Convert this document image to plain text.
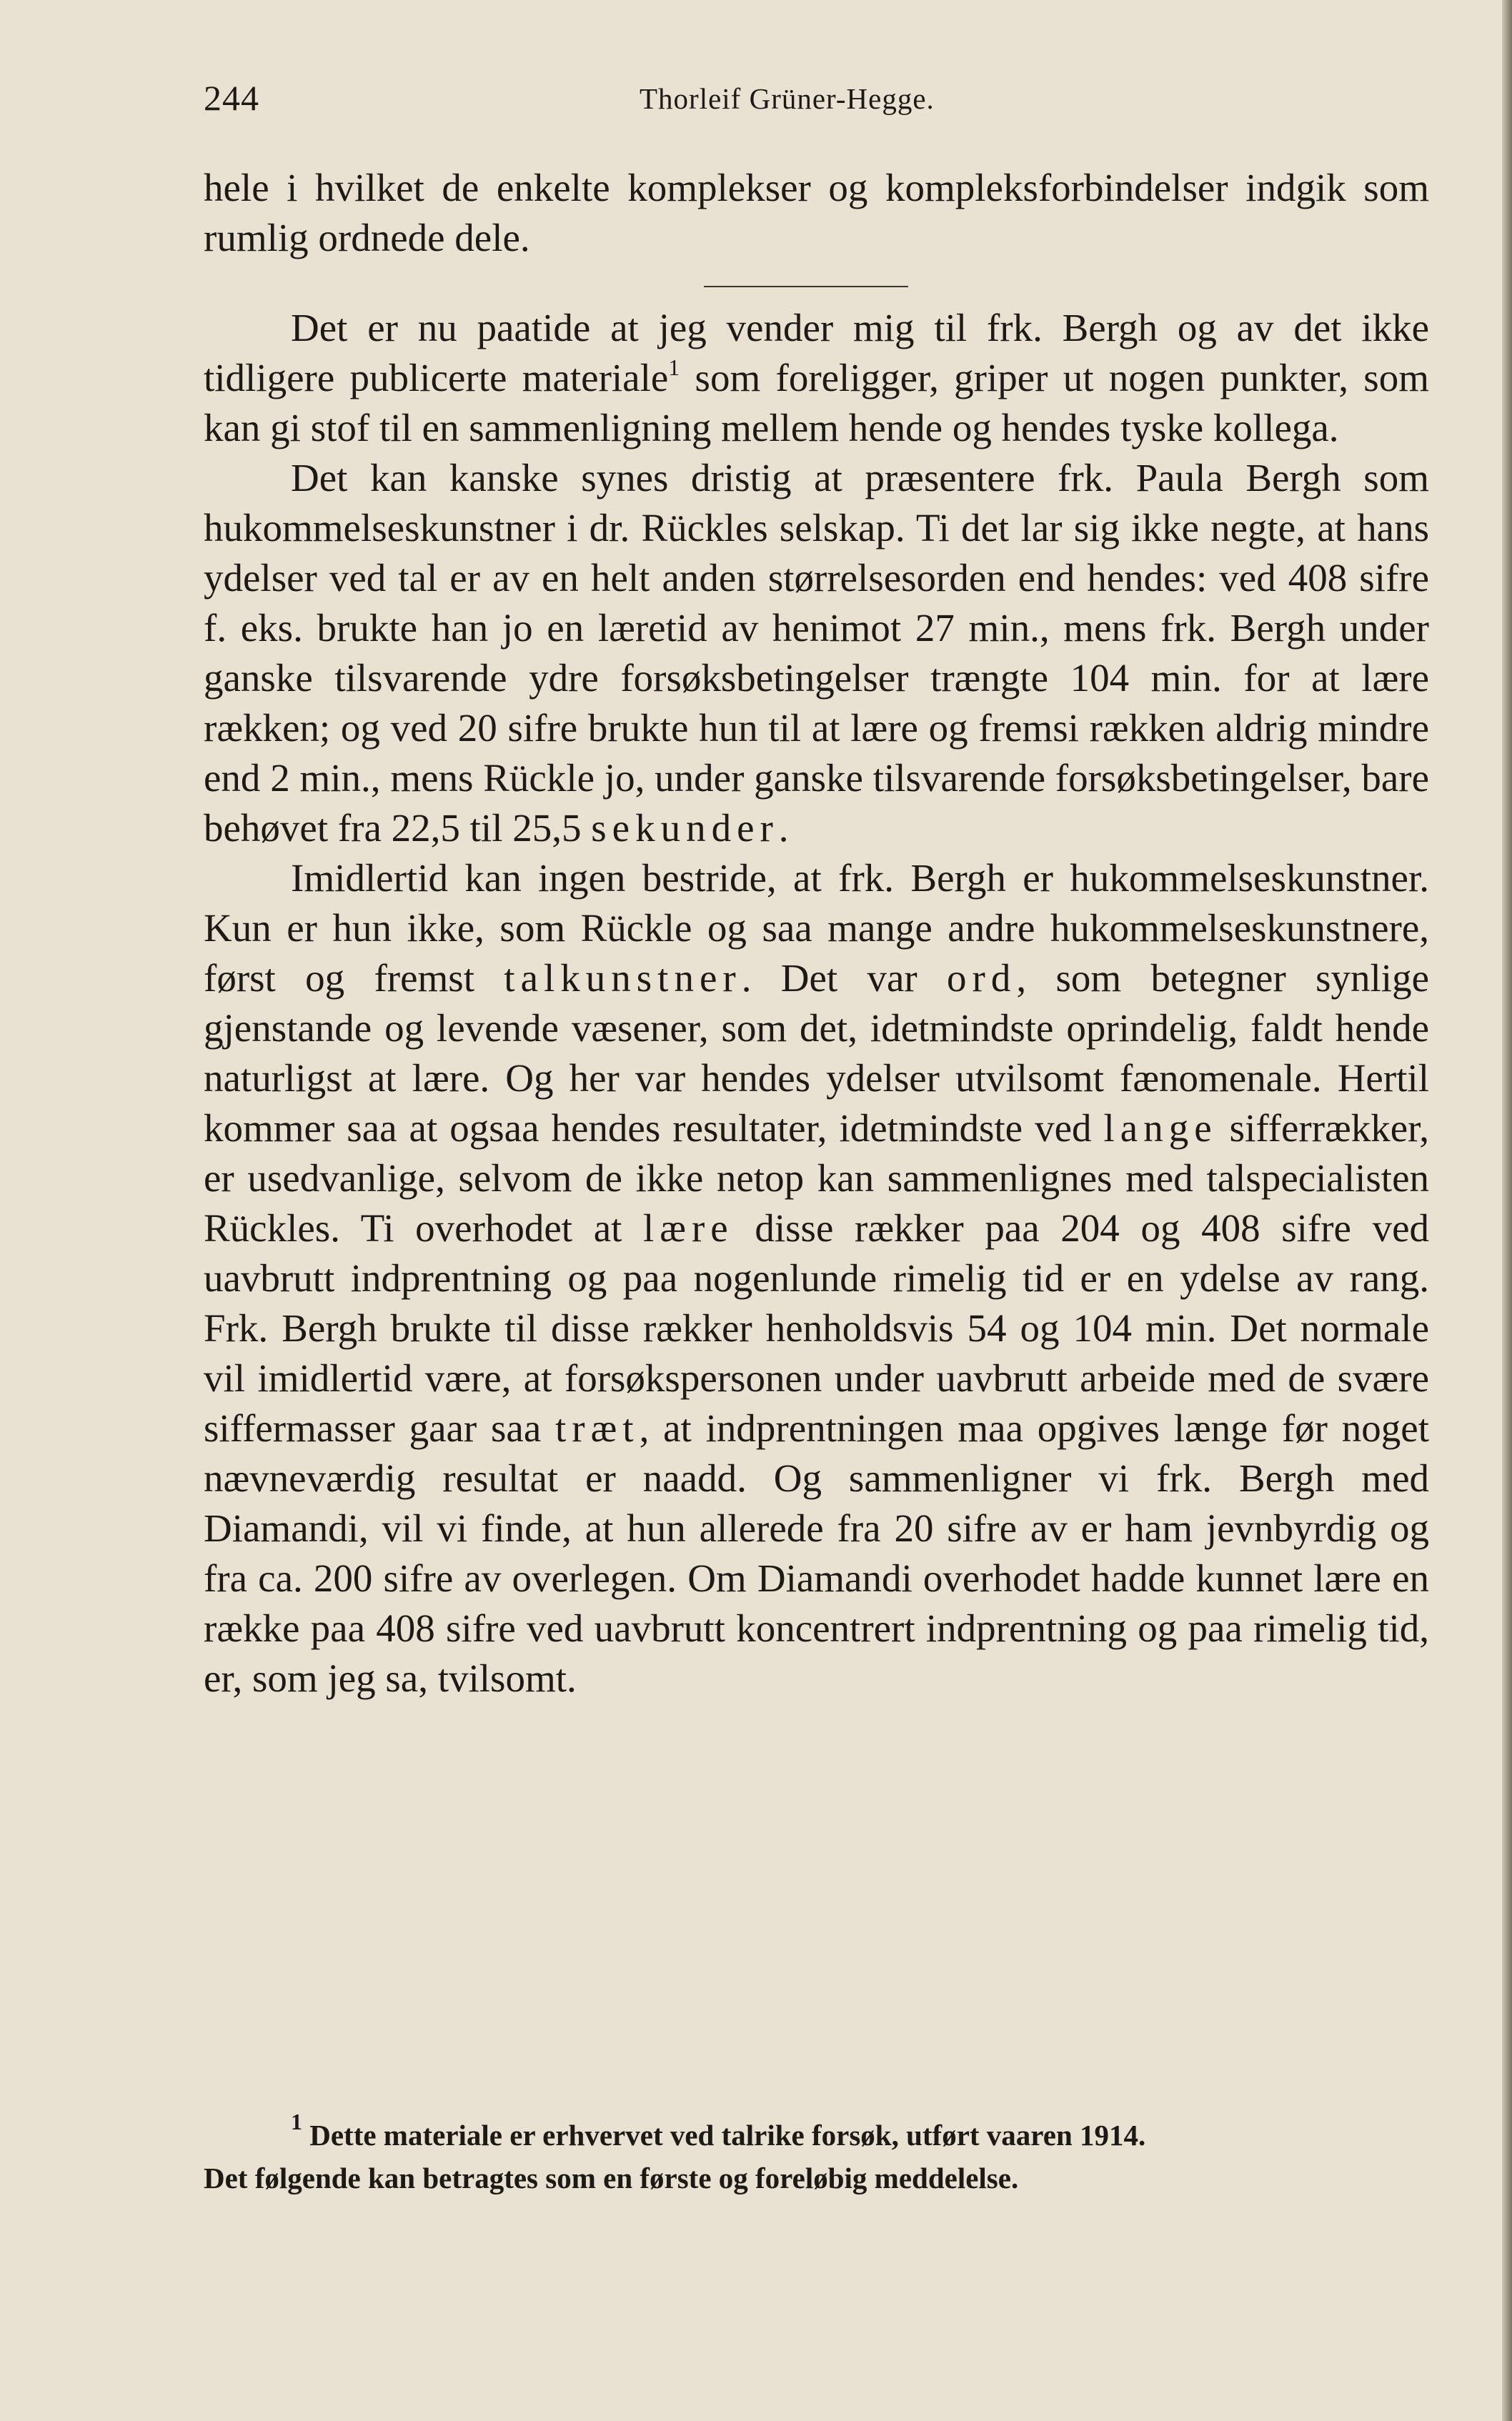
244	Thorleif Grüner-Hegge.

hele i hvilket de enkelte komplekser og kompleksforbindelser indgik som rumlig ordnede dele.

Det er nu paatide at jeg vender mig til frk. Bergh og av det ikke tidligere publicerte materiale$^1$ som foreligger, griper ut nogen punkter, som kan gi stof til en sammenligning mellem hende og hendes tyske kollega.

Det kan kanske synes dristig at præsentere frk. Paula Bergh som hukommelseskunstner i dr. Rückles selskap. Ti det lar sig ikke negte, at hans ydelser ved tal er av en helt anden størrelsesorden end hendes: ved 408 sifre f. eks. brukte han jo en læretid av henimot 27 min., mens frk. Bergh under ganske tilsvarende ydre forsøksbetingelser trængte 104 min. for at lære rækken; og ved 20 sifre brukte hun til at lære og fremsi rækken aldrig mindre end 2 min., mens Rückle jo, under ganske tilsvarende forsøksbetingelser, bare behøvet fra 22,5 til 25,5 sekunder.

Imidlertid kan ingen bestride, at frk. Bergh er hukommelseskunstner. Kun er hun ikke, som Rückle og saa mange andre hukommelseskunstnere, først og fremst talkunstner. Det var ord, som betegner synlige gjenstande og levende væsener, som det, idetmindste oprindelig, faldt hende naturligst at lære. Og her var hendes ydelser utvilsomt fænomenale. Hertil kommer saa at ogsaa hendes resultater, idetmindste ved lange sifferrækker, er usedvanlige, selvom de ikke netop kan sammenlignes med talspecialisten Rückles. Ti overhodet at lære disse rækker paa 204 og 408 sifre ved uavbrutt indprentning og paa nogenlunde rimelig tid er en ydelse av rang. Frk. Bergh brukte til disse rækker henholdsvis 54 og 104 min. Det normale vil imidlertid være, at forsøkspersonen under uavbrutt arbeide med de svære siffermasser gaar saa træt, at indprentningen maa opgives længe før noget nævneværdig resultat er naadd. Og sammenligner vi frk. Bergh med Diamandi, vil vi finde, at hun allerede fra 20 sifre av er ham jevnbyrdig og fra ca. 200 sifre av overlegen. Om Diamandi overhodet hadde kunnet lære en række paa 408 sifre ved uavbrutt koncentrert indprentning og paa rimelig tid, er, som jeg sa, tvilsomt.

$^1$ Dette materiale er erhvervet ved talrike forsøk, utført vaaren 1914.

Det følgende kan betragtes som en første og foreløbig meddelelse.
